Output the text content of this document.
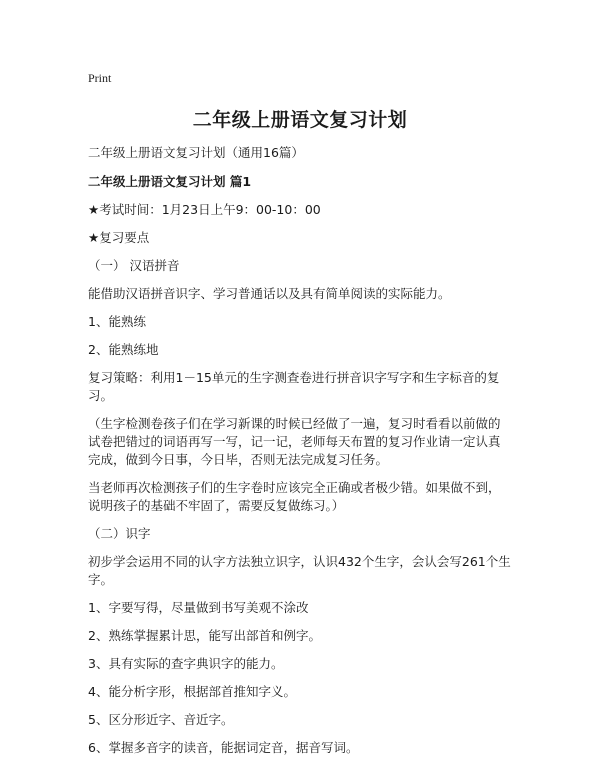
Print
二年级上册语文复习计划
二年级上册语文复习计划（通用16篇）
二年级上册语文复习计划 篇1
★考试时间：1月23日上午9：00-10：00
★复习要点
（一） 汉语拼音
能借助汉语拼音识字、学习普通话以及具有简单阅读的实际能力。
1、能熟练
2、能熟练地
复习策略：利用1－15单元的生字测查卷进行拼音识字写字和生字标音的复习。
（生字检测卷孩子们在学习新课的时候已经做了一遍，复习时看看以前做的试卷把错过的词语再写一写，记一记，老师每天布置的复习作业请一定认真完成，做到今日事，今日毕，否则无法完成复习任务。
当老师再次检测孩子们的生字卷时应该完全正确或者极少错。如果做不到，说明孩子的基础不牢固了，需要反复做练习。）
（二）识字
初步学会运用不同的认字方法独立识字，认识432个生字，会认会写261个生字。
1、字要写得，尽量做到书写美观不涂改
2、熟练掌握累计思，能写出部首和例字。
3、具有实际的查字典识字的能力。
4、能分析字形，根据部首推知字义。
5、区分形近字、音近字。
6、掌握多音字的读音，能据词定音，据音写词。
